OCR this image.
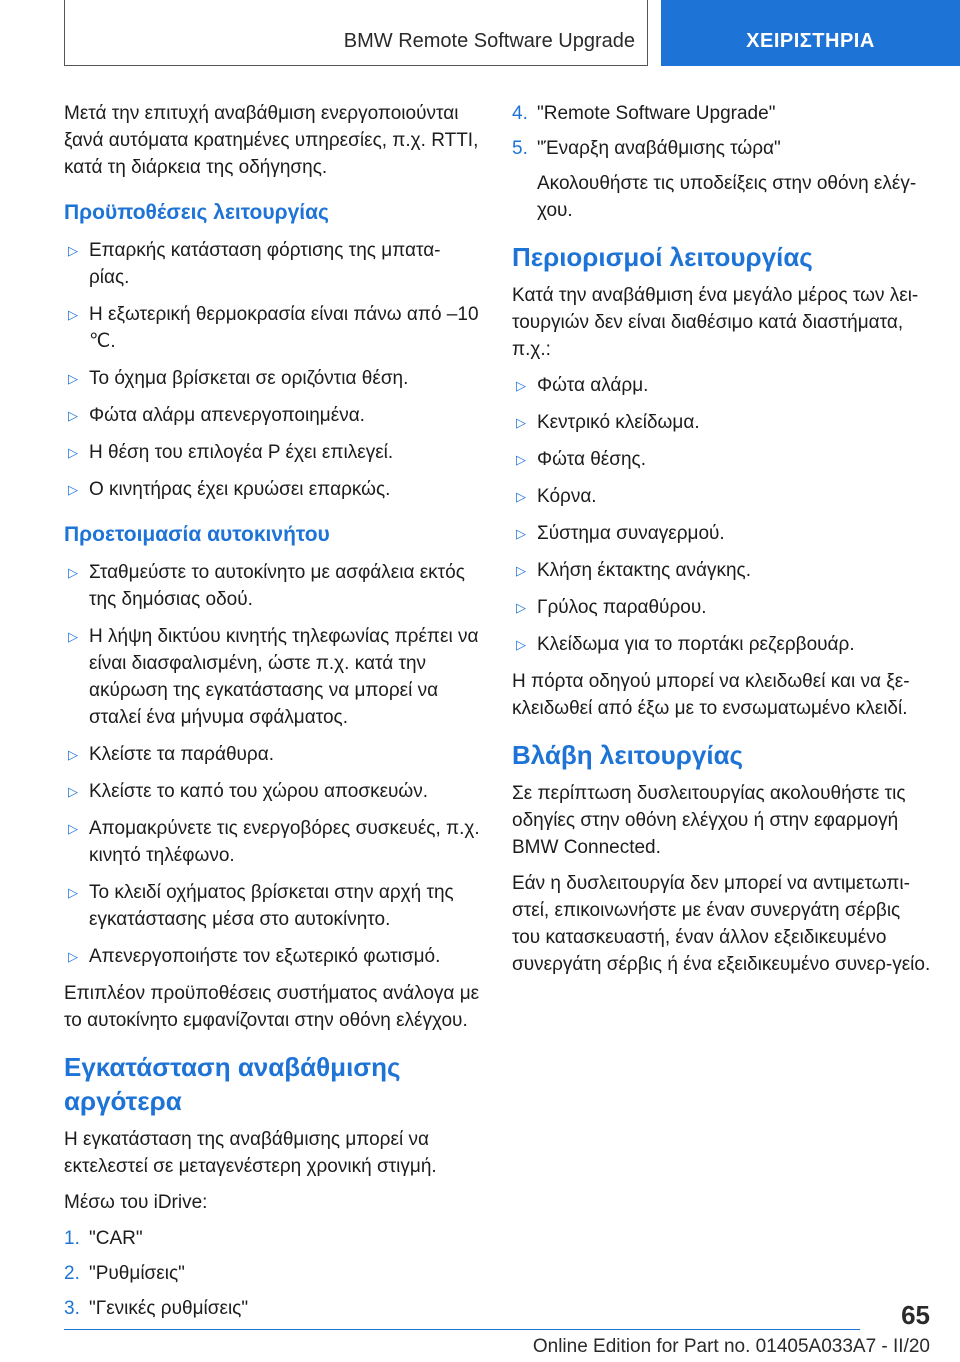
BMW Remote Software Upgrade	ΧΕΙΡΙΣΤΗΡΙΑ

Μετά την επιτυχή αναβάθμιση ενεργοποιούνται ξανά αυτόματα κρατημένες υπηρεσίες, π.χ. RTTI, κατά τη διάρκεια της οδήγησης.

Προϋποθέσεις λειτουργίας
▷ Επαρκής κατάσταση φόρτισης της μπατα-ρίας.
▷ Η εξωτερική θερμοκρασία είναι πάνω από –10 ℃.
▷ Το όχημα βρίσκεται σε οριζόντια θέση.
▷ Φώτα αλάρμ απενεργοποιημένα.
▷ Η θέση του επιλογέα P έχει επιλεγεί.
▷ Ο κινητήρας έχει κρυώσει επαρκώς.
Προετοιμασία αυτοκινήτου
▷ Σταθμεύστε το αυτοκίνητο με ασφάλεια εκτός της δημόσιας οδού.
▷ Η λήψη δικτύου κινητής τηλεφωνίας πρέπει να είναι διασφαλισμένη, ώστε π.χ. κατά την ακύρωση της εγκατάστασης να μπορεί να σταλεί ένα μήνυμα σφάλματος.
▷ Κλείστε τα παράθυρα.
▷ Κλείστε το καπό του χώρου αποσκευών.
▷ Απομακρύνετε τις ενεργοβόρες συσκευές, π.χ. κινητό τηλέφωνο.
▷ Το κλειδί οχήματος βρίσκεται στην αρχή της εγκατάστασης μέσα στο αυτοκίνητο.
▷ Απενεργοποιήστε τον εξωτερικό φωτισμό.

Επιπλέον προϋποθέσεις συστήματος ανάλογα με το αυτοκίνητο εμφανίζονται στην οθόνη ελέγχου.

Εγκατάσταση αναβάθμισης αργότερα

Η εγκατάσταση της αναβάθμισης μπορεί να εκτελεστεί σε μεταγενέστερη χρονική στιγμή.

Μέσω του iDrive:

1. "CAR"
2. "Ρυθμίσεις"
3. "Γενικές ρυθμίσεις"
4. "Remote Software Upgrade"
5. "Έναρξη αναβάθμισης τώρα"

Ακολουθήστε τις υποδείξεις στην οθόνη ελέγ-χου.

Περιορισμοί λειτουργίας

Κατά την αναβάθμιση ένα μεγάλο μέρος των λει-τουργιών δεν είναι διαθέσιμο κατά διαστήματα, π.χ.:

▷ Φώτα αλάρμ.
▷ Κεντρικό κλείδωμα.
▷ Φώτα θέσης.
▷ Κόρνα.
▷ Σύστημα συναγερμού.
▷ Κλήση έκτακτης ανάγκης.
▷ Γρύλος παραθύρου.
▷ Κλείδωμα για το πορτάκι ρεζερβουάρ.

Η πόρτα οδηγού μπορεί να κλειδωθεί και να ξε-κλειδωθεί από έξω με το ενσωματωμένο κλειδί.

Βλάβη λειτουργίας

Σε περίπτωση δυσλειτουργίας ακολουθήστε τις οδηγίες στην οθόνη ελέγχου ή στην εφαρμογή BMW Connected.

Εάν η δυσλειτουργία δεν μπορεί να αντιμετωπι-στεί, επικοινωνήστε με έναν συνεργάτη σέρβις του κατασκευαστή, έναν άλλον εξειδικευμένο συνεργάτη σέρβις ή ένα εξειδικευμένο συνερ-γείο.

65
Online Edition for Part no. 01405A033A7 - II/20
